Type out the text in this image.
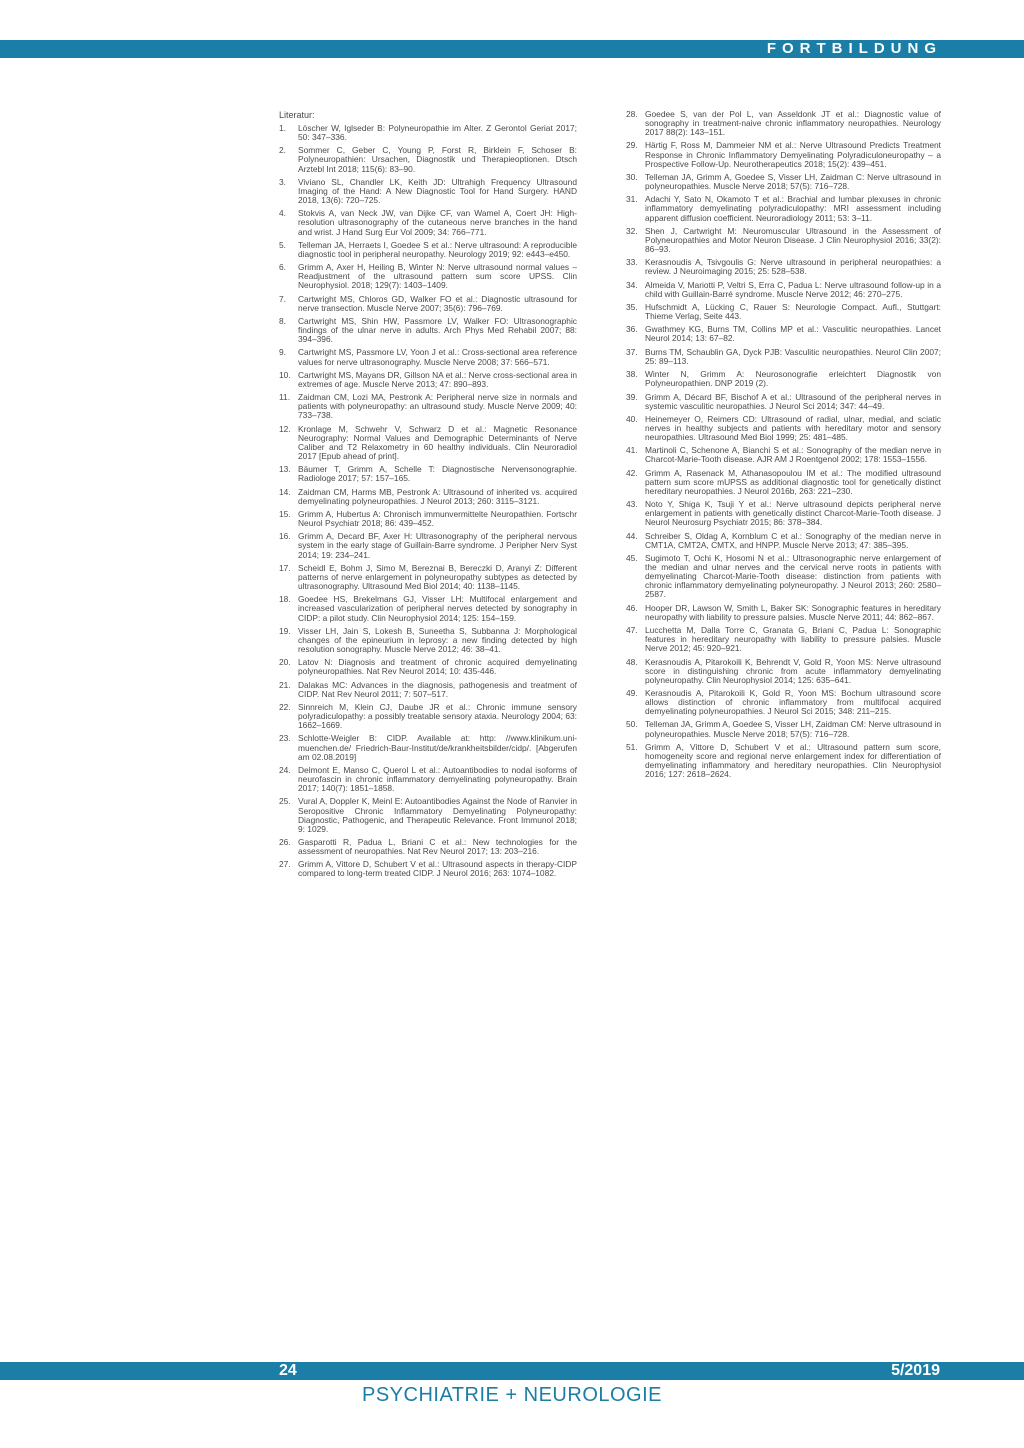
FORTBILDUNG
Literatur:
1. Löscher W, Iglseder B: Polyneuropathie im Alter. Z Gerontol Geriat 2017; 50: 347–336.
2. Sommer C, Geber C, Young P, Forst R, Birklein F, Schoser B: Polyneuropathien: Ursachen, Diagnostik und Therapieoptionen. Dtsch Arztebl Int 2018; 115(6): 83–90.
3. Viviano SL, Chandler LK, Keith JD: Ultrahigh Frequency Ultrasound Imaging of the Hand: A New Diagnostic Tool for Hand Surgery. HAND 2018, 13(6): 720–725.
4. Stokvis A, van Neck JW, van Dijke CF, van Wamel A, Coert JH: High-resolution ultrasonography of the cutaneous nerve branches in the hand and wrist. J Hand Surg Eur Vol 2009; 34: 766–771.
5. Telleman JA, Herraets I, Goedee S et al.: Nerve ultrasound: A reproducible diagnostic tool in peripheral neuropathy. Neurology 2019; 92: e443–e450.
6. Grimm A, Axer H, Heiling B, Winter N: Nerve ultrasound normal values – Readjustment of the ultrasound pattern sum score UPSS. Clin Neurophysiol. 2018; 129(7): 1403–1409.
7. Cartwright MS, Chloros GD, Walker FO et al.: Diagnostic ultrasound for nerve transection. Muscle Nerve 2007; 35(6): 796–769.
8. Cartwright MS, Shin HW, Passmore LV, Walker FO: Ultrasonographic findings of the ulnar nerve in adults. Arch Phys Med Rehabil 2007; 88: 394–396.
9. Cartwright MS, Passmore LV, Yoon J et al.: Cross-sectional area reference values for nerve ultrasonography. Muscle Nerve 2008; 37: 566–571.
10. Cartwright MS, Mayans DR, Gillson NA et al.: Nerve cross-sectional area in extremes of age. Muscle Nerve 2013; 47: 890–893.
11. Zaidman CM, Lozi MA, Pestronk A: Peripheral nerve size in normals and patients with polyneuropathy: an ultrasound study. Muscle Nerve 2009; 40: 733–738.
12. Kronlage M, Schwehr V, Schwarz D et al.: Magnetic Resonance Neurography: Normal Values and Demographic Determinants of Nerve Caliber and T2 Relaxometry in 60 healthy individuals. Clin Neuroradiol 2017 [Epub ahead of print].
13. Bäumer T, Grimm A, Schelle T: Diagnostische Nervensonographie. Radiologe 2017; 57: 157–165.
14. Zaidman CM, Harms MB, Pestronk A: Ultrasound of inherited vs. acquired demyelinating polyneuropathies. J Neurol 2013; 260: 3115–3121.
15. Grimm A, Hubertus A: Chronisch immunvermittelte Neuropathien. Fortschr Neurol Psychiatr 2018; 86: 439–452.
16. Grimm A, Decard BF, Axer H: Ultrasonography of the peripheral nervous system in the early stage of Guillain-Barre syndrome. J Peripher Nerv Syst 2014; 19: 234–241.
17. Scheidl E, Bohm J, Simo M, Bereznai B, Bereczki D, Aranyi Z: Different patterns of nerve enlargement in polyneuropathy subtypes as detected by ultrasonography. Ultrasound Med Biol 2014; 40: 1138–1145.
18. Goedee HS, Brekelmans GJ, Visser LH: Multifocal enlargement and increased vascularization of peripheral nerves detected by sonography in CIDP: a pilot study. Clin Neurophysiol 2014; 125: 154–159.
19. Visser LH, Jain S, Lokesh B, Suneetha S, Subbanna J: Morphological changes of the epineurium in leprosy: a new finding detected by high resolution sonography. Muscle Nerve 2012; 46: 38–41.
20. Latov N: Diagnosis and treatment of chronic acquired demyelinating polyneuropathies. Nat Rev Neurol 2014; 10: 435-446.
21. Dalakas MC: Advances in the diagnosis, pathogenesis and treatment of CIDP. Nat Rev Neurol 2011; 7: 507–517.
22. Sinnreich M, Klein CJ, Daube JR et al.: Chronic immune sensory polyradiculopathy: a possibly treatable sensory ataxia. Neurology 2004; 63: 1662–1669.
23. Schlotte-Weigler B: CIDP. Available at: http: //www.klinikum.uni-muenchen.de/ Friedrich-Baur-Institut/de/krankheitsbilder/cidp/. [Abgerufen am 02.08.2019]
24. Delmont E, Manso C, Querol L et al.: Autoantibodies to nodal isoforms of neurofascin in chronic inflammatory demyelinating polyneuropathy. Brain 2017; 140(7): 1851–1858.
25. Vural A, Doppler K, Meinl E: Autoantibodies Against the Node of Ranvier in Seropositive Chronic Inflammatory Demyelinating Polyneuropathy: Diagnostic, Pathogenic, and Therapeutic Relevance. Front Immunol 2018; 9: 1029.
26. Gasparotti R, Padua L, Briani C et al.: New technologies for the assessment of neuropathies. Nat Rev Neurol 2017; 13: 203–216.
27. Grimm A, Vittore D, Schubert V et al.: Ultrasound aspects in therapy-CIDP compared to long-term treated CIDP. J Neurol 2016; 263: 1074–1082.
28. Goedee S, van der Pol L, van Asseldonk JT et al.: Diagnostic value of sonography in treatment-naive chronic inflammatory neuropathies. Neurology 2017 88(2): 143–151.
29. Härtig F, Ross M, Dammeier NM et al.: Nerve Ultrasound Predicts Treatment Response in Chronic Inflammatory Demyelinating Polyradiculoneuropathy – a Prospective Follow-Up. Neurotherapeutics 2018; 15(2): 439–451.
30. Telleman JA, Grimm A, Goedee S, Visser LH, Zaidman C: Nerve ultrasound in polyneuropathies. Muscle Nerve 2018; 57(5): 716–728.
31. Adachi Y, Sato N, Okamoto T et al.: Brachial and lumbar plexuses in chronic inflammatory demyelinating polyradiculopathy: MRI assessment including apparent diffusion coefficient. Neuroradiology 2011; 53: 3–11.
32. Shen J, Cartwright M: Neuromuscular Ultrasound in the Assessment of Polyneuropathies and Motor Neuron Disease. J Clin Neurophysiol 2016; 33(2): 86–93.
33. Kerasnoudis A, Tsivgoulis G: Nerve ultrasound in peripheral neuropathies: a review. J Neuroimaging 2015; 25: 528–538.
34. Almeida V, Mariotti P, Veltri S, Erra C, Padua L: Nerve ultrasound follow-up in a child with Guillain-Barré syndrome. Muscle Nerve 2012; 46: 270–275.
35. Hufschmidt A, Lücking C, Rauer S: Neurologie Compact. Aufl., Stuttgart: Thieme Verlag, Seite 443.
36. Gwathmey KG, Burns TM, Collins MP et al.: Vasculitic neuropathies. Lancet Neurol 2014; 13: 67–82.
37. Burns TM, Schaublin GA, Dyck PJB: Vasculitic neuropathies. Neurol Clin 2007; 25: 89–113.
38. Winter N, Grimm A: Neurosonografie erleichtert Diagnostik von Polyneuropathien. DNP 2019 (2).
39. Grimm A, Décard BF, Bischof A et al.: Ultrasound of the peripheral nerves in systemic vasculitic neuropathies. J Neurol Sci 2014; 347: 44–49.
40. Heinemeyer O, Reimers CD: Ultrasound of radial, ulnar, medial, and sciatic nerves in healthy subjects and patients with hereditary motor and sensory neuropathies. Ultrasound Med Biol 1999; 25: 481–485.
41. Martinoli C, Schenone A, Bianchi S et al.: Sonography of the median nerve in Charcot-Marie-Tooth disease. AJR AM J Roentgenol 2002; 178: 1553–1556.
42. Grimm A, Rasenack M, Athanasopoulou IM et al.: The modified ultrasound pattern sum score mUPSS as additional diagnostic tool for genetically distinct hereditary neuropathies. J Neurol 2016b, 263: 221–230.
43. Noto Y, Shiga K, Tsuji Y et al.: Nerve ultrasound depicts peripheral nerve enlargement in patients with genetically distinct Charcot-Marie-Tooth disease. J Neurol Neurosurg Psychiatr 2015; 86: 378–384.
44. Schreiber S, Oldag A, Kornblum C et al.: Sonography of the median nerve in CMT1A, CMT2A, CMTX, and HNPP. Muscle Nerve 2013; 47: 385–395.
45. Sugimoto T, Ochi K, Hosomi N et al.: Ultrasonographic nerve enlargement of the median and ulnar nerves and the cervical nerve roots in patients with demyelinating Charcot-Marie-Tooth disease: distinction from patients with chronic inflammatory demyelinating polyneuropathy. J Neurol 2013; 260: 2580–2587.
46. Hooper DR, Lawson W, Smith L, Baker SK: Sonographic features in hereditary neuropathy with liability to pressure palsies. Muscle Nerve 2011; 44: 862–867.
47. Lucchetta M, Dalla Torre C, Granata G, Briani C, Padua L: Sonographic features in hereditary neuropathy with liability to pressure palsies. Muscle Nerve 2012; 45: 920–921.
48. Kerasnoudis A, Pitarokoili K, Behrendt V, Gold R, Yoon MS: Nerve ultrasound score in distinguishing chronic from acute inflammatory demyelinating polyneuropathy. Clin Neurophysiol 2014; 125: 635–641.
49. Kerasnoudis A, Pitarokoili K, Gold R, Yoon MS: Bochum ultrasound score allows distinction of chronic inflammatory from multifocal acquired demyelinating polyneuropathies. J Neurol Sci 2015; 348: 211–215.
50. Telleman JA, Grimm A, Goedee S, Visser LH, Zaidman CM: Nerve ultrasound in polyneuropathies. Muscle Nerve 2018; 57(5): 716–728.
51. Grimm A, Vittore D, Schubert V et al.: Ultrasound pattern sum score, homogeneity score and regional nerve enlargement index for differentiation of demyelinating inflammatory and hereditary neuropathies. Clin Neurophysiol 2016; 127: 2618–2624.
24	5/2019
PSYCHIATRIE + NEUROLOGIE
